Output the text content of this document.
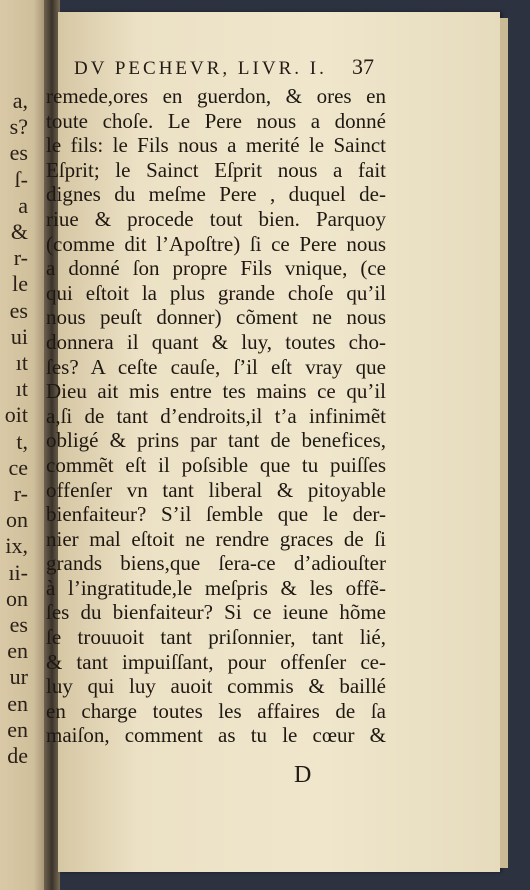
a,
s?
es
ſ-
a
&
r-
le
es
ui
ıt
ıt
oit
t,
ce
r-
on
ix,
ıi-
on
es
en
ur
en
en
de
DV PECHEVR, LIVR. I.	37
remede,ores en guerdon, & ores en
toute choſe. Le Pere nous a donné
le fils: le Fils nous a merité le Sainct
Eſprit; le Sainct Eſprit nous a fait
dignes du meſme Pere , duquel de-
riue & procede tout bien. Parquoy
(comme dit l’Apoſtre) ſi ce Pere nous
a donné ſon propre Fils vnique, (ce
qui eſtoit la plus grande choſe qu’il
nous peuſt donner) cõment ne nous
donnera il quant & luy, toutes cho-
ſes? A ceſte cauſe, ſ’il eſt vray que
Dieu ait mis entre tes mains ce qu’il
a,ſi de tant d’endroits,il t’a infinimẽt
obligé & prins par tant de benefices,
commẽt eſt il poſsible que tu puiſſes
offenſer vn tant liberal & pitoyable
bienfaiteur? S’il ſemble que le der-
nier mal eſtoit ne rendre graces de ſi
grands biens,que ſera-ce d’adiouſter
à l’ingratitude,le meſpris & les offẽ-
ſes du bienfaiteur? Si ce ieune hõme
ſe trouuoit tant priſonnier, tant lié,
& tant impuiſſant, pour offenſer ce-
luy qui luy auoit commis & baillé
en charge toutes les affaires de ſa
maiſon, comment as tu le cœur &
D
